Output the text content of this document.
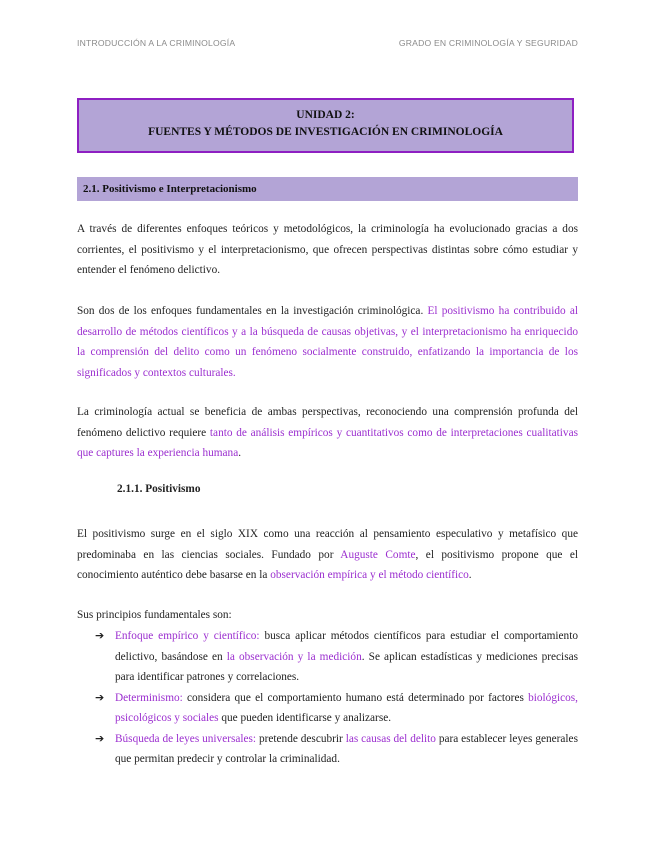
INTRODUCCIÓN A LA CRIMINOLOGÍA	GRADO EN CRIMINOLOGÍA Y SEGURIDAD
UNIDAD 2:
FUENTES Y MÉTODOS DE INVESTIGACIÓN EN CRIMINOLOGÍA
2.1. Positivismo e Interpretacionismo

A través de diferentes enfoques teóricos y metodológicos, la criminología ha evolucionado gracias a dos corrientes, el positivismo y el interpretacionismo, que ofrecen perspectivas distintas sobre cómo estudiar y entender el fenómeno delictivo.

Son dos de los enfoques fundamentales en la investigación criminológica. El positivismo ha contribuido al desarrollo de métodos científicos y a la búsqueda de causas objetivas, y el interpretacionismo ha enriquecido la comprensión del delito como un fenómeno socialmente construido, enfatizando la importancia de los significados y contextos culturales.

La criminología actual se beneficia de ambas perspectivas, reconociendo una comprensión profunda del fenómeno delictivo requiere tanto de análisis empíricos y cuantitativos como de interpretaciones cualitativas que captures la experiencia humana.

2.1.1. Positivismo

El positivismo surge en el siglo XIX como una reacción al pensamiento especulativo y metafísico que predominaba en las ciencias sociales. Fundado por Auguste Comte, el positivismo propone que el conocimiento auténtico debe basarse en la observación empírica y el método científico.

Sus principios fundamentales son:

➔ Enfoque empírico y científico: busca aplicar métodos científicos para estudiar el comportamiento delictivo, basándose en la observación y la medición. Se aplican estadísticas y mediciones precisas para identificar patrones y correlaciones.
➔ Determinismo: considera que el comportamiento humano está determinado por factores biológicos, psicológicos y sociales que pueden identificarse y analizarse.
➔ Búsqueda de leyes universales: pretende descubrir las causas del delito para establecer leyes generales que permitan predecir y controlar la criminalidad.
